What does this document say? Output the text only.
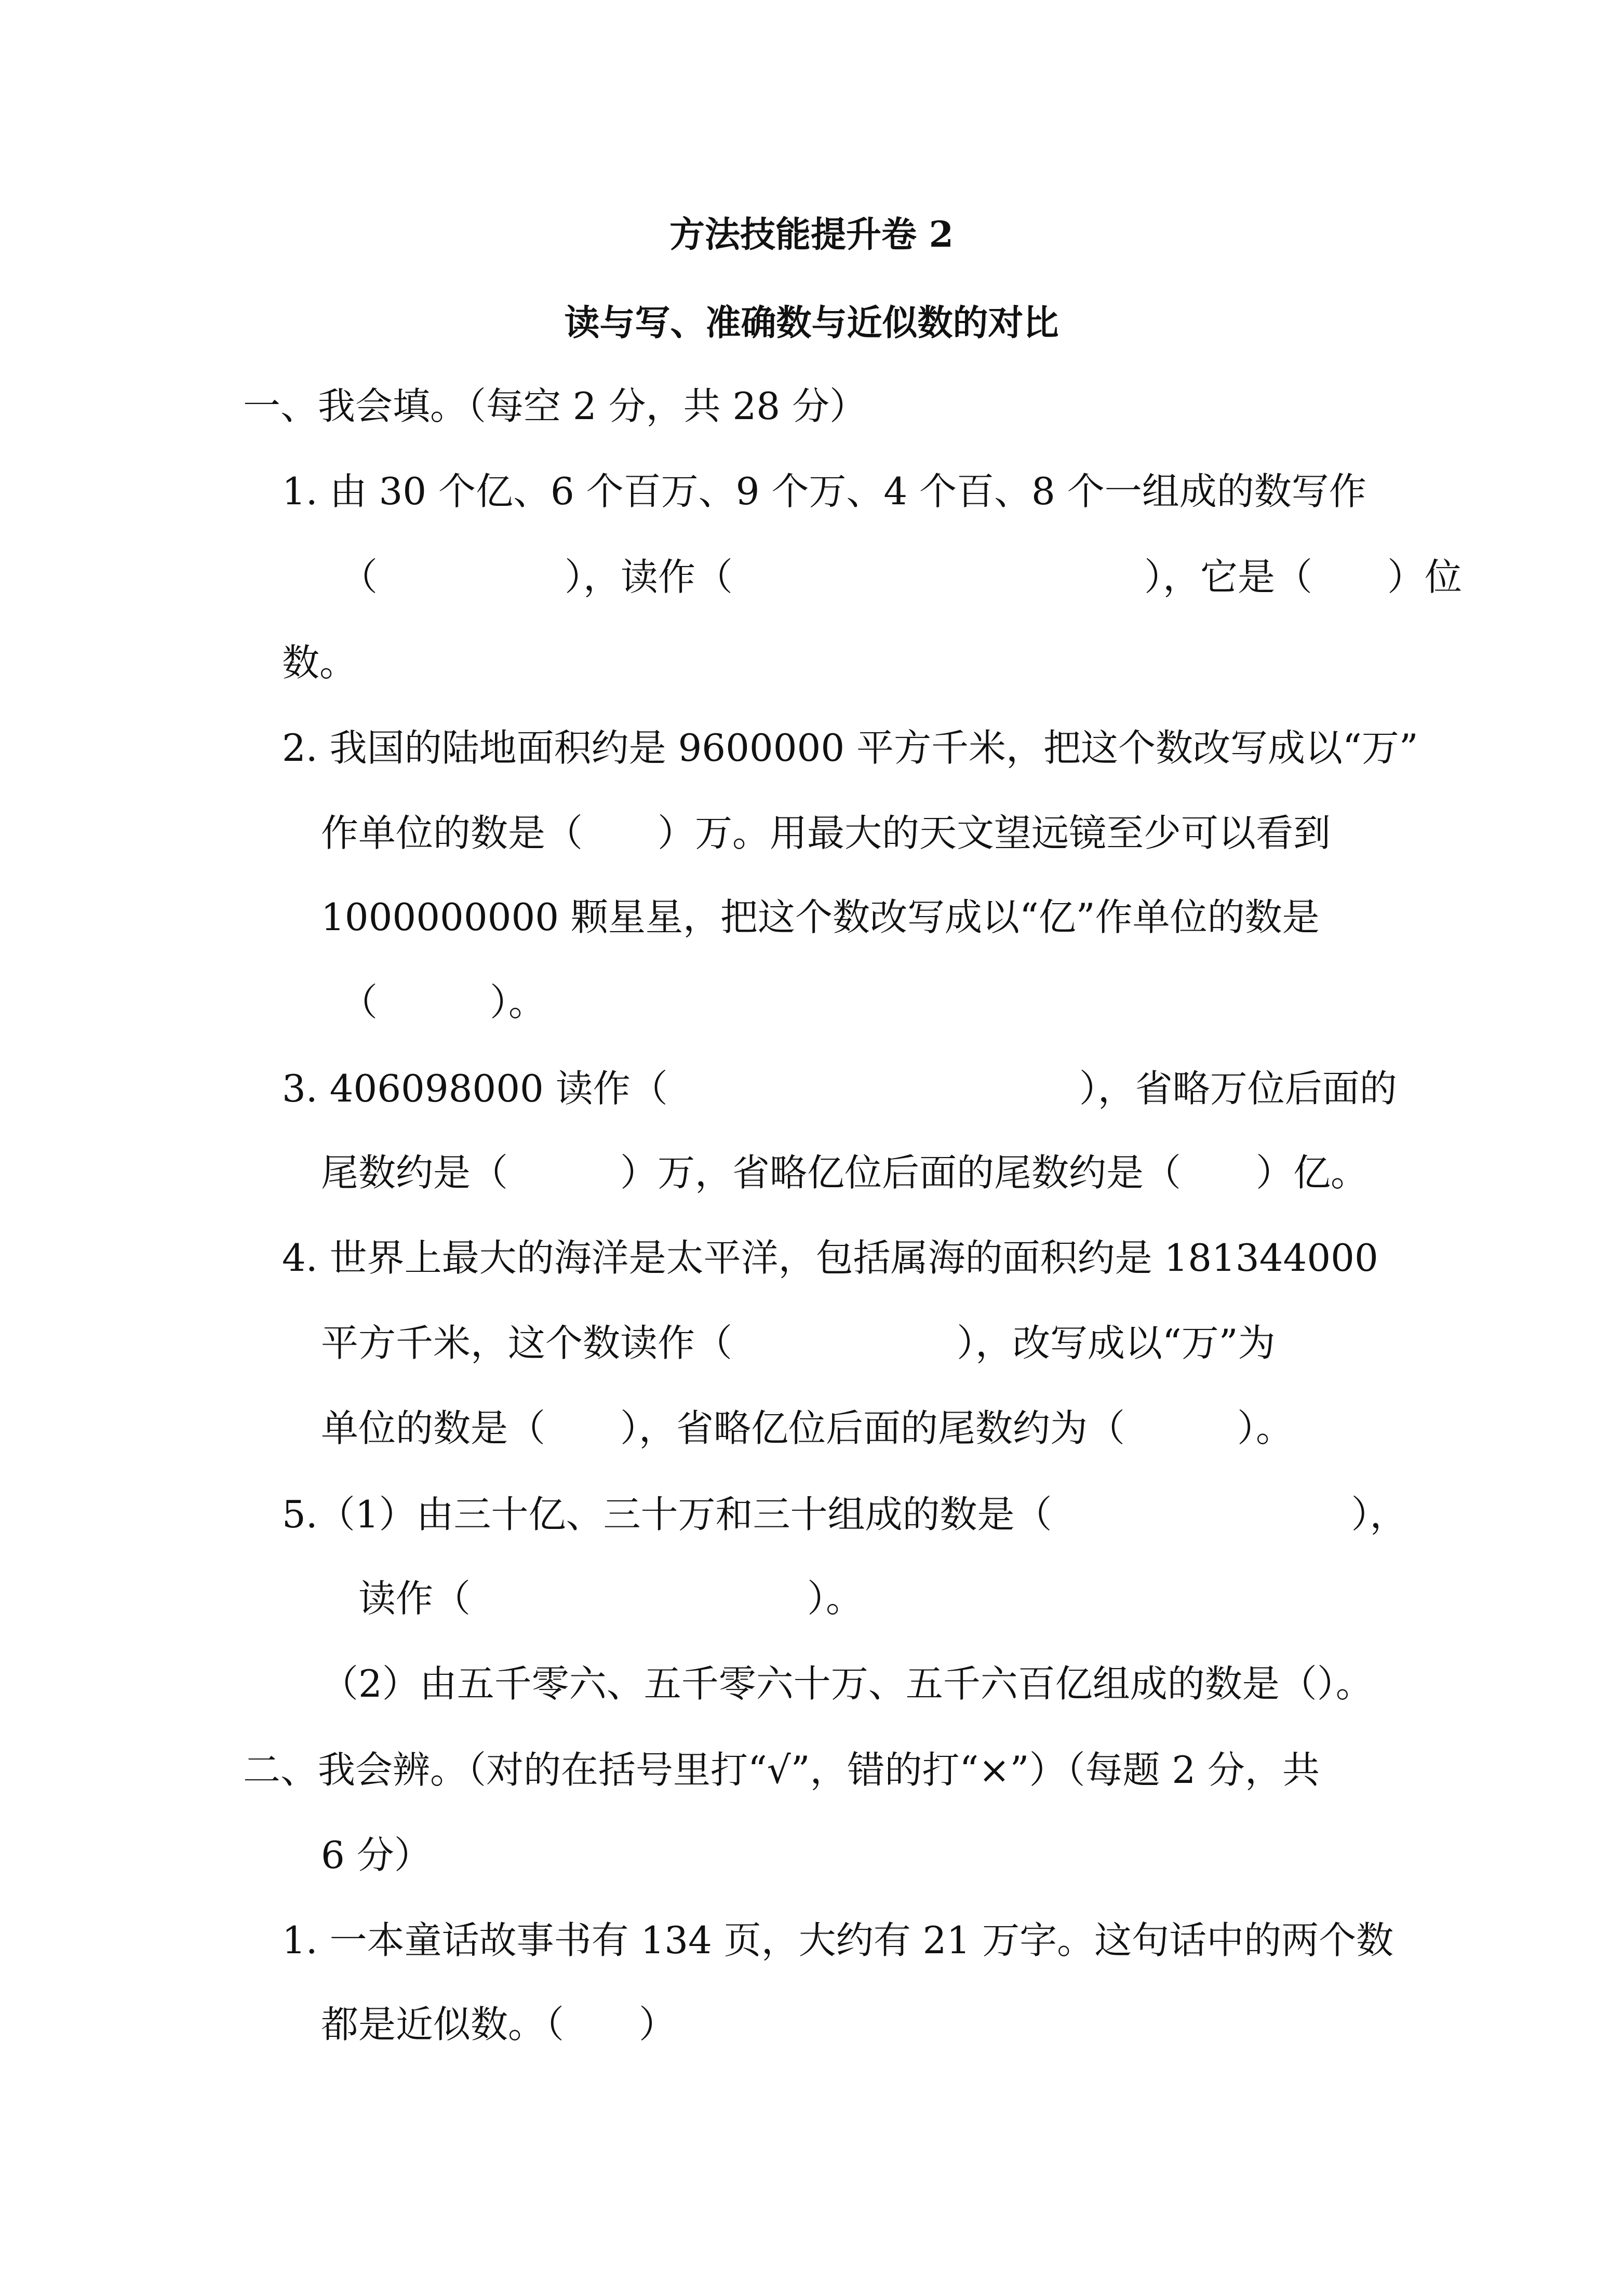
方法技能提升卷 2
读与写、准确数与近似数的对比
一、我会填。（每空 2 分，共 28 分）
1. 由 30 个亿、6 个百万、9 个万、4 个百、8 个一组成的数写作
（　　　　　），读作（　　　　　　　　　　　），它是（　　）位
数。
2. 我国的陆地面积约是 9600000 平方千米，把这个数改写成以“万”
作单位的数是（　　）万。用最大的天文望远镜至少可以看到
1000000000 颗星星，把这个数改写成以“亿”作单位的数是
（　　　）。
3. 406098000 读作（　　　　　　　　　　　），省略万位后面的
尾数约是（　　　）万，省略亿位后面的尾数约是（　　）亿。
4. 世界上最大的海洋是太平洋，包括属海的面积约是 181344000
平方千米，这个数读作（　　　　　　），改写成以“万”为
单位的数是（　　），省略亿位后面的尾数约为（　　　）。
5.（1）由三十亿、三十万和三十组成的数是（　　　　　　　　），
读作（　　　　　　　　　）。
（2）由五千零六、五千零六十万、五千六百亿组成的数是（）。
二、我会辨。（对的在括号里打“√”，错的打“×”）（每题 2 分，共
6 分）
1. 一本童话故事书有 134 页，大约有 21 万字。这句话中的两个数
都是近似数。（　　）
